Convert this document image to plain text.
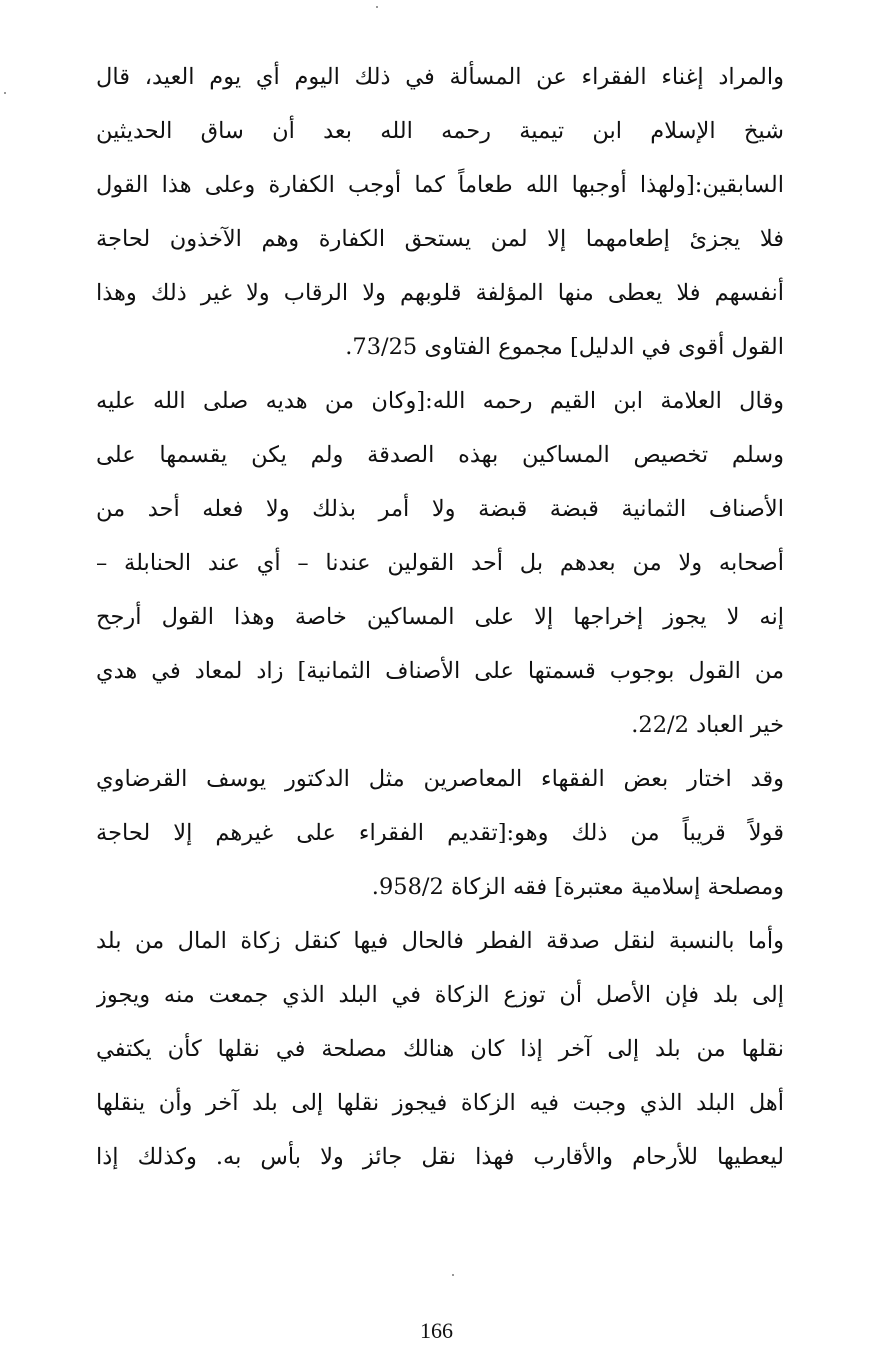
والمراد إغناء الفقراء عن المسألة في ذلك اليوم أي يوم العيد، قال
شيخ الإسلام ابن تيمية رحمه الله بعد أن ساق الحديثين
السابقين:[ولهذا أوجبها الله طعاماً كما أوجب الكفارة وعلى هذا القول
فلا يجزئ إطعامهما إلا لمن يستحق الكفارة وهم الآخذون لحاجة
أنفسهم فلا يعطى منها المؤلفة قلوبهم ولا الرقاب ولا غير ذلك وهذا
القول أقوى في الدليل] مجموع الفتاوى 73/25.
وقال العلامة ابن القيم رحمه الله:[وكان من هديه صلى الله عليه
وسلم تخصيص المساكين بهذه الصدقة ولم يكن يقسمها على
الأصناف الثمانية قبضة قبضة ولا أمر بذلك ولا فعله أحد من
أصحابه ولا من بعدهم بل أحد القولين عندنا – أي عند الحنابلة –
إنه لا يجوز إخراجها إلا على المساكين خاصة وهذا القول أرجح
من القول بوجوب قسمتها على الأصناف الثمانية] زاد لمعاد في هدي
خير العباد 22/2.
وقد اختار بعض الفقهاء المعاصرين مثل الدكتور يوسف القرضاوي
قولاً قريباً من ذلك وهو:[تقديم الفقراء على غيرهم إلا لحاجة
ومصلحة إسلامية معتبرة] فقه الزكاة 958/2.
وأما بالنسبة لنقل صدقة الفطر فالحال فيها كنقل زكاة المال من بلد
إلى بلد فإن الأصل أن توزع الزكاة في البلد الذي جمعت منه ويجوز
نقلها من بلد إلى آخر إذا كان هنالك مصلحة في نقلها كأن يكتفي
أهل البلد الذي وجبت فيه الزكاة فيجوز نقلها إلى بلد آخر وأن ينقلها
ليعطيها للأرحام والأقارب فهذا نقل جائز ولا بأس به. وكذلك إذا
166
